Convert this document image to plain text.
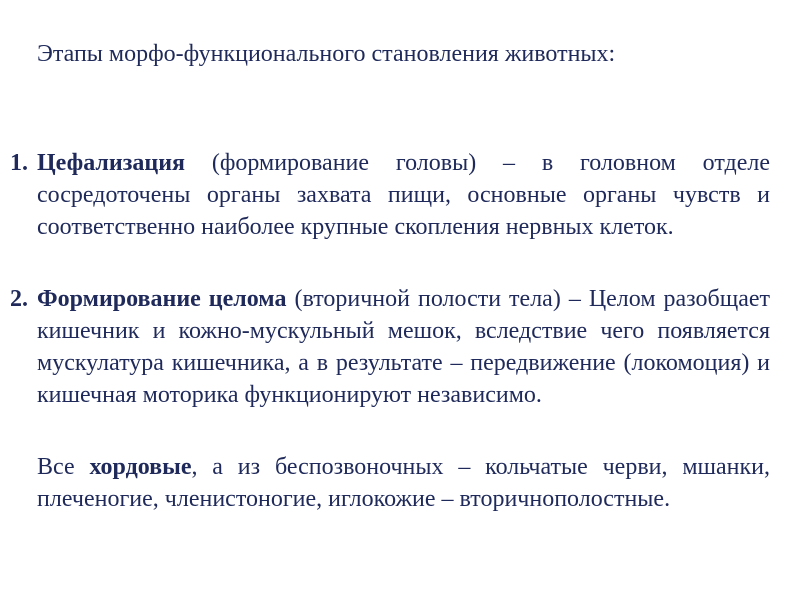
Этапы морфо-функционального становления животных:
1. Цефализация (формирование головы) – в головном отделе сосредоточены органы захвата пищи, основные органы чувств и соответственно наиболее крупные скопления нервных клеток.
2. Формирование целома (вторичной полости тела) – Целом разобщает кишечник и кожно-мускульный мешок, вследствие чего появляется мускулатура кишечника, а в результате – передвижение (локомоция) и кишечная моторика функционируют независимо.
Все хордовые, а из беспозвоночных – кольчатые черви, мшанки, плеченогие, членистоногие, иглокожие – вторичнополостные.
